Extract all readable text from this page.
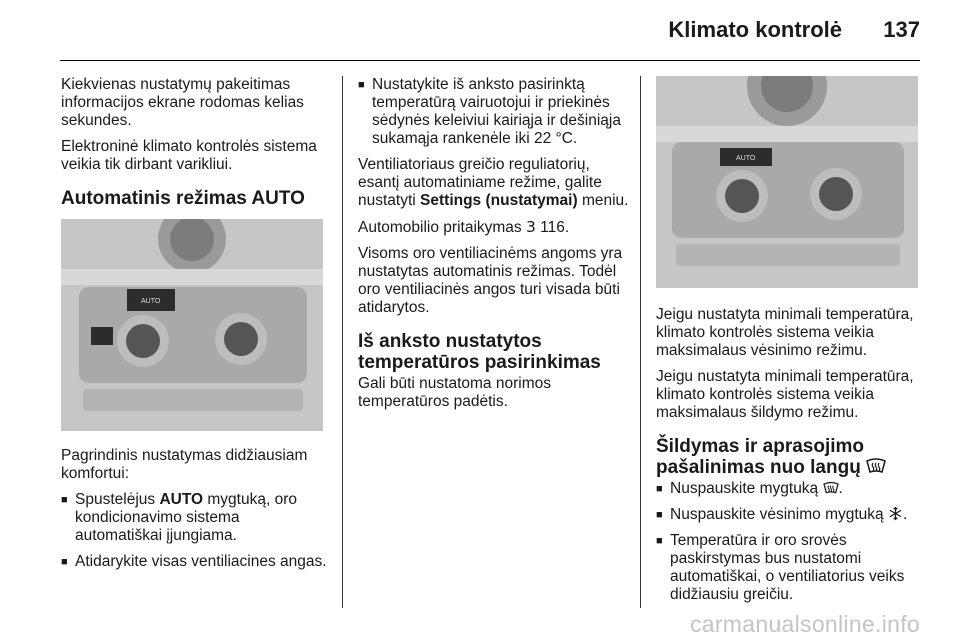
Klimato kontrolė 137

Kiekvienas nustatymų pakeitimas informacijos ekrane rodomas kelias sekundes.

Elektroninė klimato kontrolės sistema veikia tik dirbant varikliui.

Automatinis režimas AUTO
AUTO

Pagrindinis nustatymas didžiausiam komfortui:

■ Spustelėjus AUTO mygtuką, oro kondicionavimo sistema automatiškai įjungiama.
■ Atidarykite visas ventiliacines angas.
■ Nustatykite iš anksto pasirinktą temperatūrą vairuotojui ir priekinės sėdynės keleiviui kairiąja ir dešiniąja sukamąja rankenėle iki 22 °C.

Ventiliatoriaus greičio reguliatorių, esantį automatiniame režime, galite nustatyti Settings (nustatymai) meniu.

Automobilio pritaikymas 3 116.

Visoms oro ventiliacinėms angoms yra nustatytas automatinis režimas. Todėl oro ventiliacinės angos turi visada būti atidarytos.

Iš anksto nustatytos temperatūros pasirinkimas

Gali būti nustatoma norimos temperatūros padėtis.

AUTO

Jeigu nustatyta minimali temperatūra, klimato kontrolės sistema veikia maksimalaus vėsinimo režimu.

Jeigu nustatyta minimali temperatūra, klimato kontrolės sistema veikia maksimalaus šildymo režimu.

Šildymas ir aprasojimo pašalinimas nuo langų
■ Nuspauskite mygtuką .
■ Nuspauskite vėsinimo mygtuką .
■ Temperatūra ir oro srovės paskirstymas bus nustatomi automatiškai, o ventiliatorius veiks didžiausiu greičiu.
carmanualsonline.info
